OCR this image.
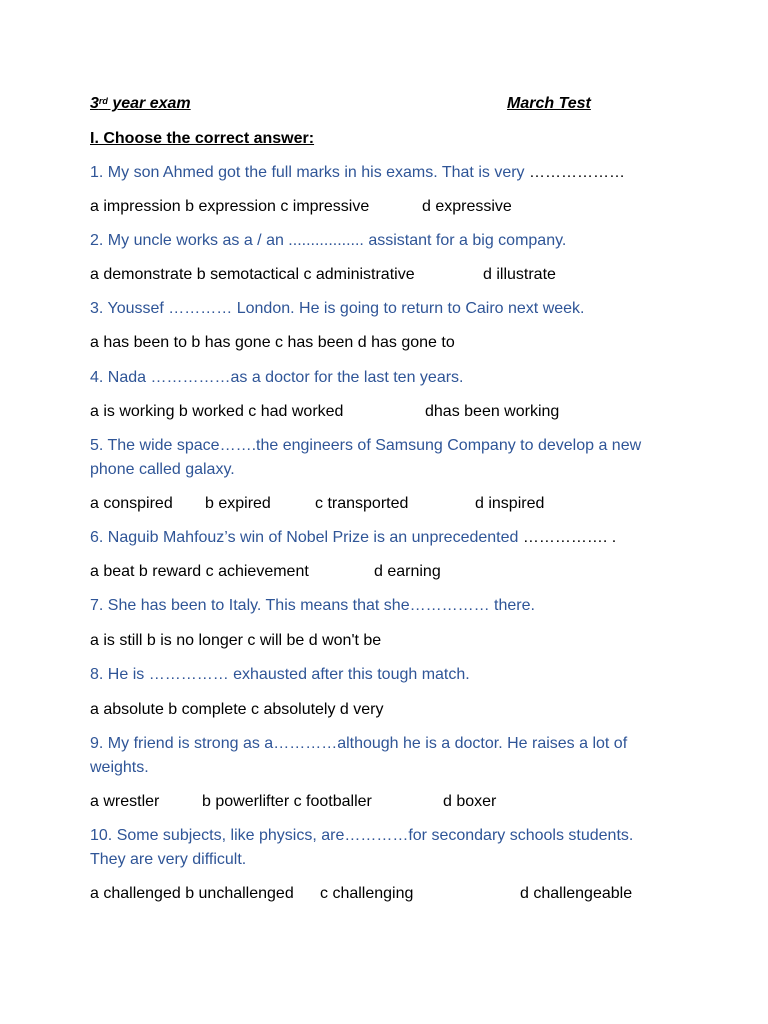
3rd year exam	March Test
I. Choose the correct answer:
1. My son Ahmed got the full marks in his exams. That is very ………………
a impression b expression c impressive	d expressive
2. My uncle works as a / an ................. assistant for a big company.
a demonstrate b semotactical c administrative	d illustrate
3. Youssef ………… London. He is going to return to Cairo next week.
a has been to b has gone c has been d has gone to
4. Nada ……………as a doctor for the last ten years.
a is working b worked c had worked	dhas been working
5. The wide space…….the engineers of Samsung Company to develop a new phone called galaxy.
a conspired b expired	c transported	d inspired
6. Naguib Mahfouz’s win of Nobel Prize is an unprecedented ……………. .
a beat b reward c achievement	d earning
7. She has been to Italy. This means that she…………… there.
a is still b is no longer c will be d won't be
8. He is …………… exhausted after this tough match.
a absolute b complete c absolutely d very
9. My friend is strong as a…………although he is a doctor. He raises a lot of weights.
a wrestler	b powerlifter c footballer	d boxer
10. Some subjects, like physics, are…………for secondary schools students. They are very difficult.
a challenged b unchallenged c challenging	d challengeable
